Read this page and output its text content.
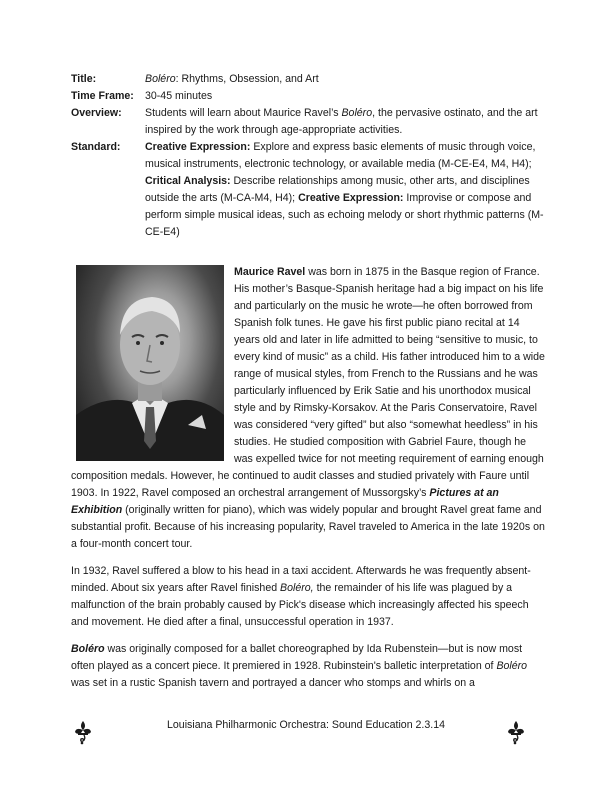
Title:	Boléro: Rhythms, Obsession, and Art
Time Frame:	30-45 minutes
Overview:	Students will learn about Maurice Ravel’s Boléro, the pervasive ostinato, and the art inspired by the work through age-appropriate activities.
Standard:	Creative Expression: Explore and express basic elements of music through voice, musical instruments, electronic technology, or available media (M-CE-E4, M4, H4); Critical Analysis: Describe relationships among music, other arts, and disciplines outside the arts (M-CA-M4, H4); Creative Expression: Improvise or compose and perform simple musical ideas, such as echoing melody or short rhythmic patterns (M-CE-E4)

Maurice Ravel was born in 1875 in the Basque region of France. His mother’s Basque-Spanish heritage had a big impact on his life and particularly on the music he wrote—he often borrowed from Spanish folk tunes. He gave his first public piano recital at 14 years old and later in life admitted to being “sensitive to music, to every kind of music” as a child. His father introduced him to a wide range of musical styles, from French to the Russians and he was particularly influenced by Erik Satie and his unorthodox musical style and by Rimsky-Korsakov. At the Paris Conservatoire, Ravel was considered “very gifted” but also “somewhat heedless” in his studies. He studied composition with Gabriel Faure, though he was expelled twice for not meeting requirement of earning enough composition medals. However, he continued to audit classes and studied privately with Faure until 1903. In 1922, Ravel composed an orchestral arrangement of Mussorgsky’s Pictures at an Exhibition (originally written for piano), which was widely popular and brought Ravel great fame and substantial profit. Because of his increasing popularity, Ravel traveled to America in the late 1920s on a four-month concert tour.

In 1932, Ravel suffered a blow to his head in a taxi accident. Afterwards he was frequently absent-minded. About six years after Ravel finished Boléro, the remainder of his life was plagued by a malfunction of the brain probably caused by Pick's disease which increasingly affected his speech and movement. He died after a final, unsuccessful operation in 1937.

Boléro was originally composed for a ballet choreographed by Ida Rubenstein—but is now most often played as a concert piece. It premiered in 1928. Rubinstein's balletic interpretation of Boléro was set in a rustic Spanish tavern and portrayed a dancer who stomps and whirls on a

Louisiana Philharmonic Orchestra: Sound Education 2.3.14
